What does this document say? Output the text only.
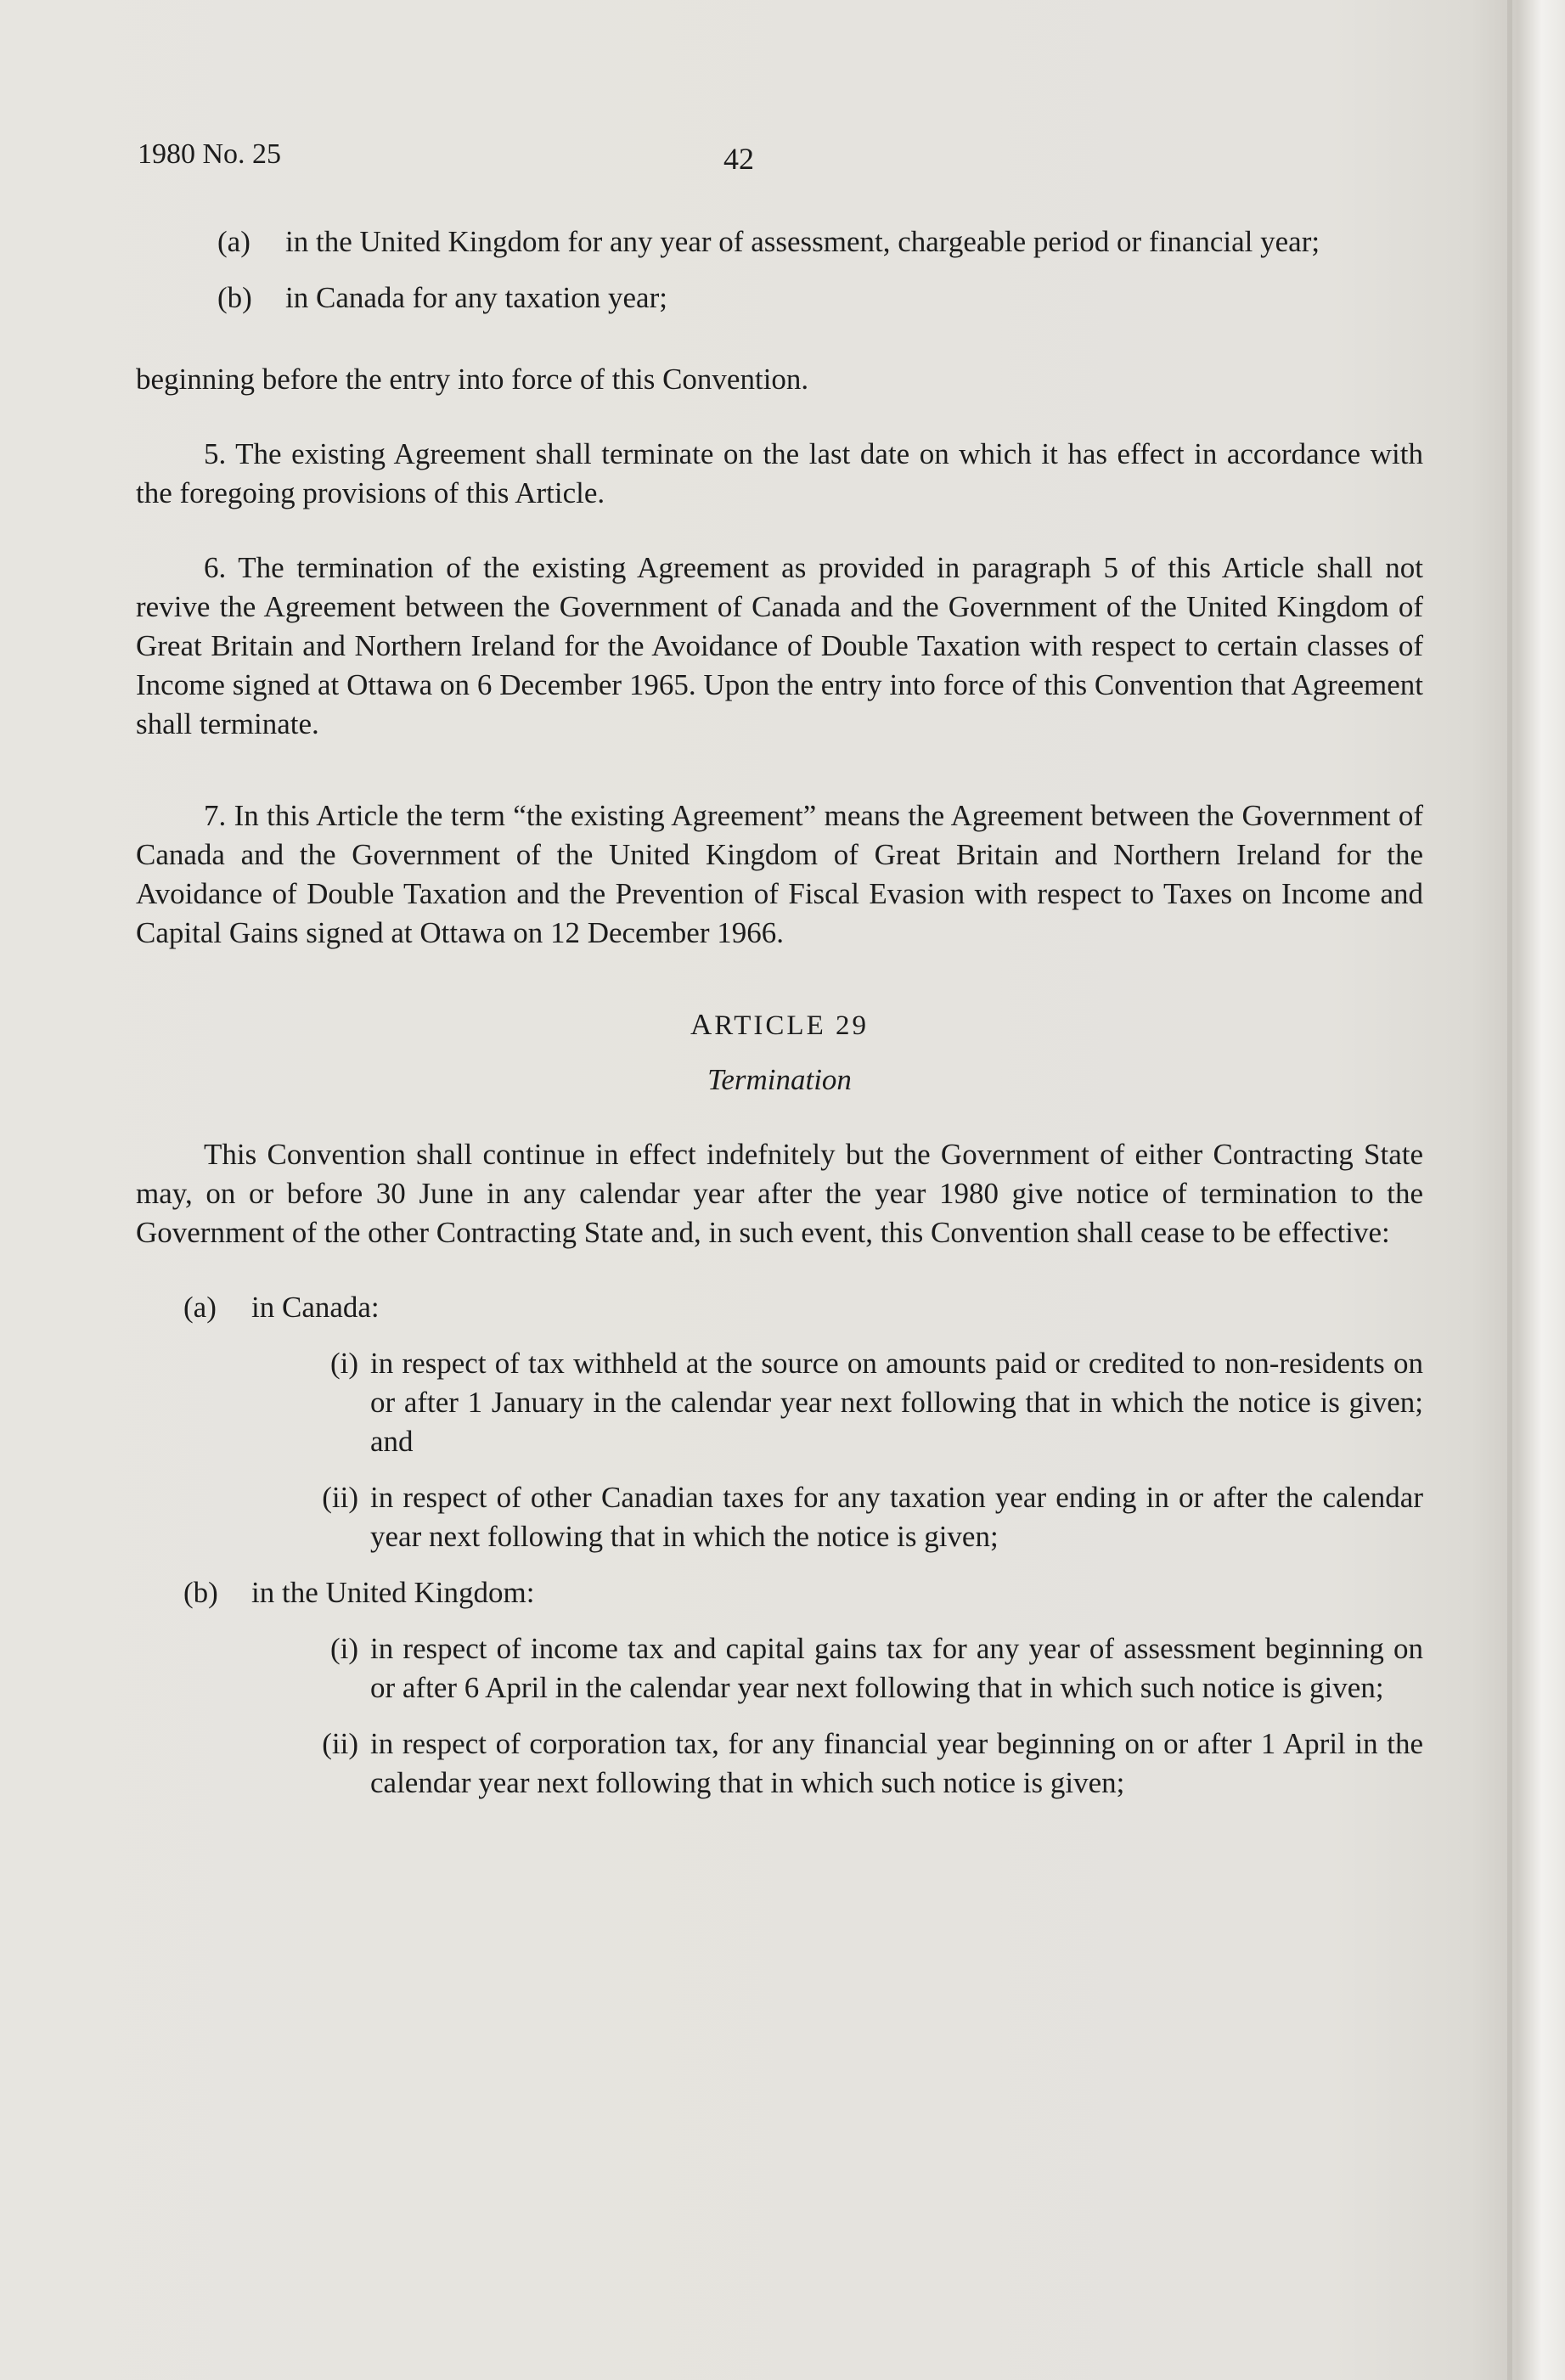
1980 No. 25	42
(a)	in the United Kingdom for any year of assessment, chargeable period or financial year;
(b)	in Canada for any taxation year;

beginning before the entry into force of this Convention.

5. The existing Agreement shall terminate on the last date on which it has effect in accordance with the foregoing provisions of this Article.

6. The termination of the existing Agreement as provided in paragraph 5 of this Article shall not revive the Agreement between the Government of Canada and the Government of the United Kingdom of Great Britain and Northern Ireland for the Avoidance of Double Taxation with respect to certain classes of Income signed at Ottawa on 6 December 1965. Upon the entry into force of this Convention that Agreement shall terminate.

7. In this Article the term “the existing Agreement” means the Agreement between the Government of Canada and the Government of the United Kingdom of Great Britain and Northern Ireland for the Avoidance of Double Taxation and the Prevention of Fiscal Evasion with respect to Taxes on Income and Capital Gains signed at Ottawa on 12 December 1966.

ARTICLE 29
Termination

This Convention shall continue in effect indefnitely but the Government of either Contracting State may, on or before 30 June in any calendar year after the year 1980 give notice of termination to the Government of the other Contracting State and, in such event, this Convention shall cease to be effective:

(a)	in Canada:
(i) in respect of tax withheld at the source on amounts paid or credited to non-residents on or after 1 January in the calendar year next following that in which the notice is given; and
(ii) in respect of other Canadian taxes for any taxation year ending in or after the calendar year next following that in which the notice is given;
(b)	in the United Kingdom:
(i) in respect of income tax and capital gains tax for any year of assessment beginning on or after 6 April in the calendar year next following that in which such notice is given;
(ii) in respect of corporation tax, for any financial year beginning on or after 1 April in the calendar year next following that in which such notice is given;
